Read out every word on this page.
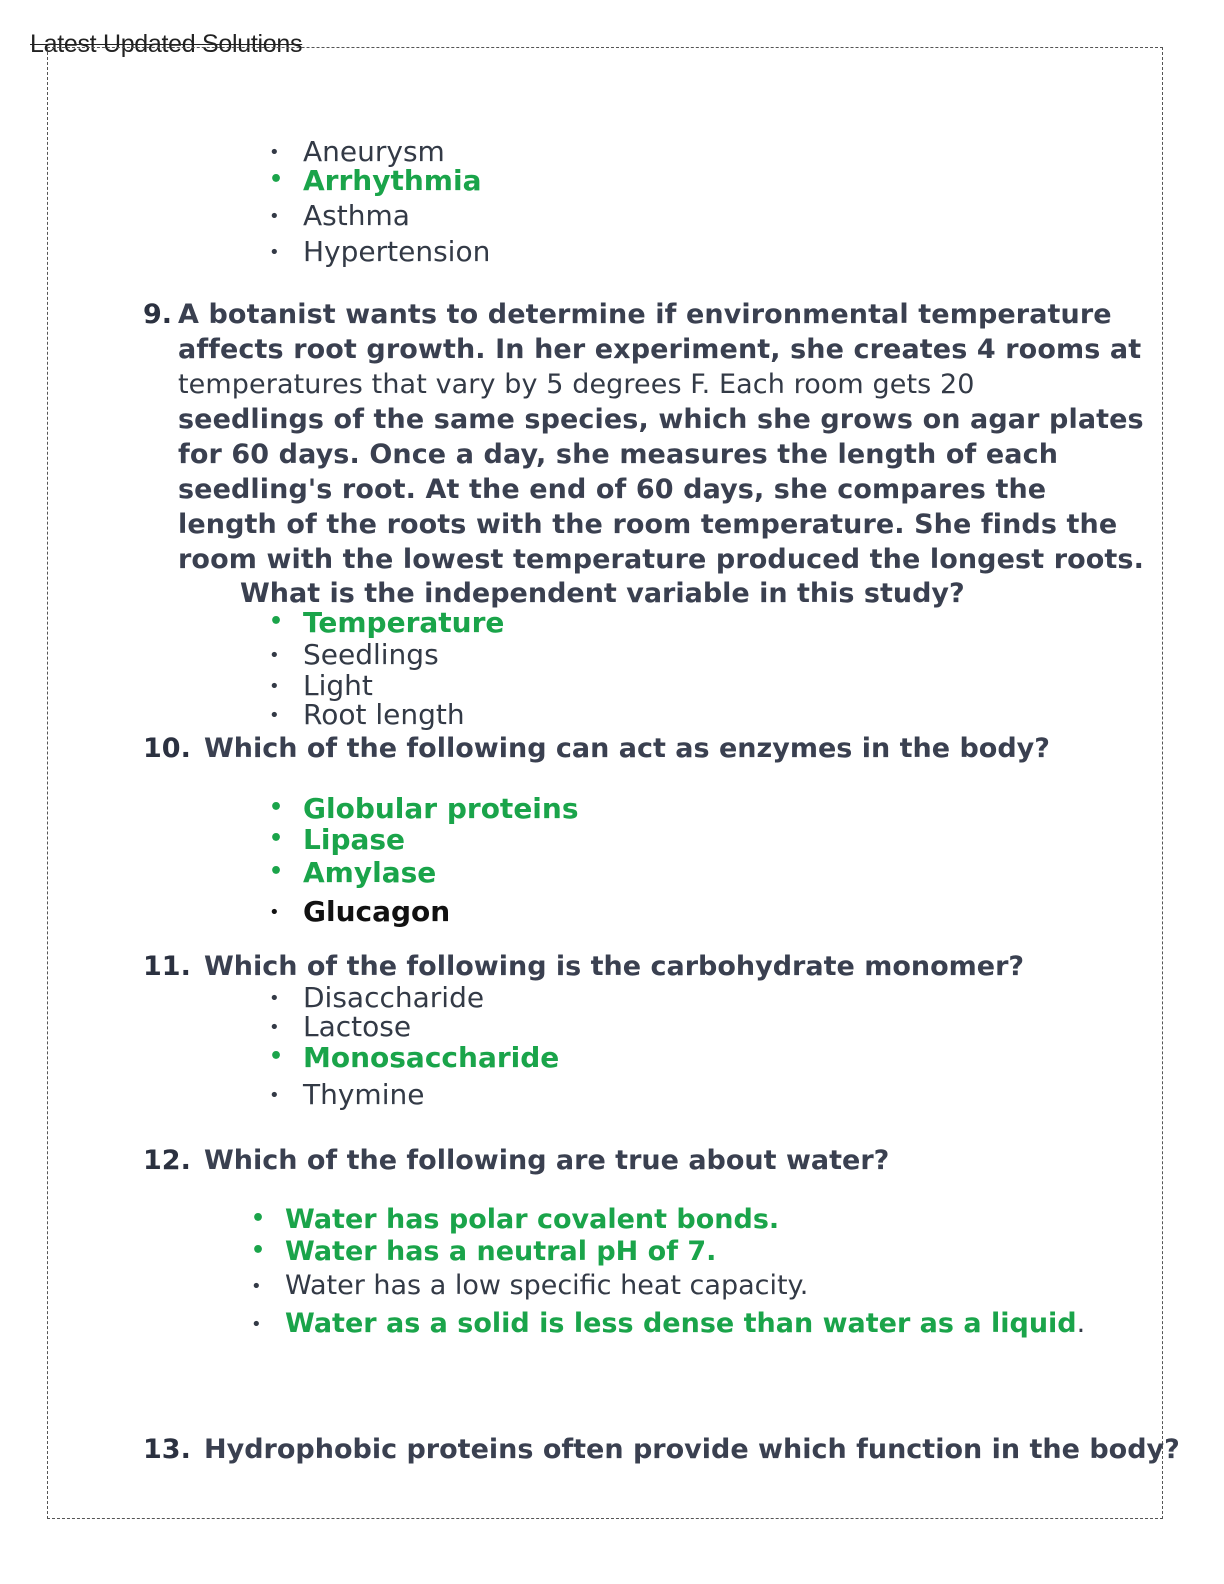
Latest Updated Solutions
• Aneurysm
• Arrhythmia
• Asthma
• Hypertension
9. A botanist wants to determine if environmental temperature
affects root growth. In her experiment, she creates 4 rooms at
temperatures that vary by 5 degrees F. Each room gets 20
seedlings of the same species, which she grows on agar plates
for 60 days. Once a day, she measures the length of each
seedling's root. At the end of 60 days, she compares the
length of the roots with the room temperature. She finds the
room with the lowest temperature produced the longest roots.
What is the independent variable in this study?
• Temperature
• Seedlings
• Light
• Root length
10. Which of the following can act as enzymes in the body?
• Globular proteins
• Lipase
• Amylase
• Glucagon
11. Which of the following is the carbohydrate monomer?
• Disaccharide
• Lactose
• Monosaccharide
• Thymine
12. Which of the following are true about water?
• Water has polar covalent bonds.
• Water has a neutral pH of 7.
• Water has a low specific heat capacity.
• Water as a solid is less dense than water as a liquid.
13. Hydrophobic proteins often provide which function in the body?
